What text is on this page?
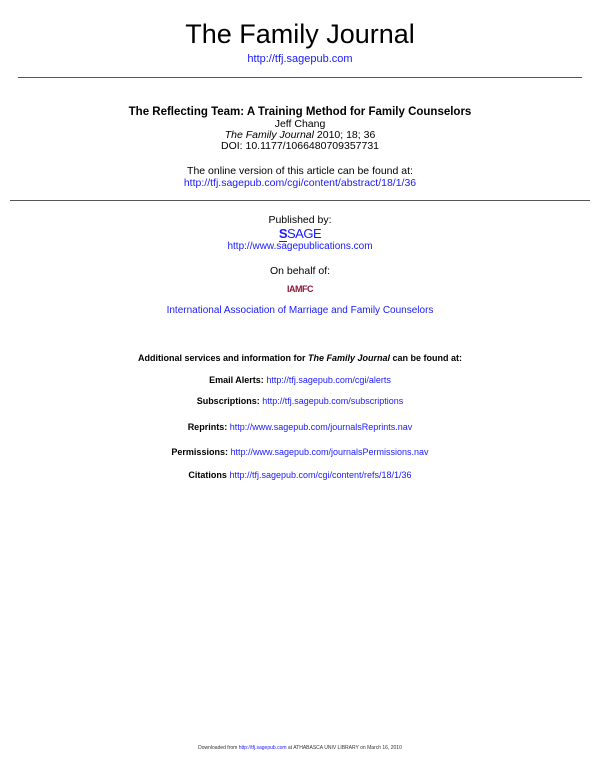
The Family Journal
http://tfj.sagepub.com
The Reflecting Team: A Training Method for Family Counselors
Jeff Chang
The Family Journal 2010; 18; 36
DOI: 10.1177/1066480709357731
The online version of this article can be found at:
http://tfj.sagepub.com/cgi/content/abstract/18/1/36
Published by:
SSAGE
http://www.sagepublications.com
On behalf of:
IAMFC
International Association of Marriage and Family Counselors
Additional services and information for The Family Journal can be found at:
Email Alerts: http://tfj.sagepub.com/cgi/alerts
Subscriptions: http://tfj.sagepub.com/subscriptions
Reprints: http://www.sagepub.com/journalsReprints.nav
Permissions: http://www.sagepub.com/journalsPermissions.nav
Citations http://tfj.sagepub.com/cgi/content/refs/18/1/36
Downloaded from http://tfj.sagepub.com at ATHABASCA UNIV LIBRARY on March 16, 2010
